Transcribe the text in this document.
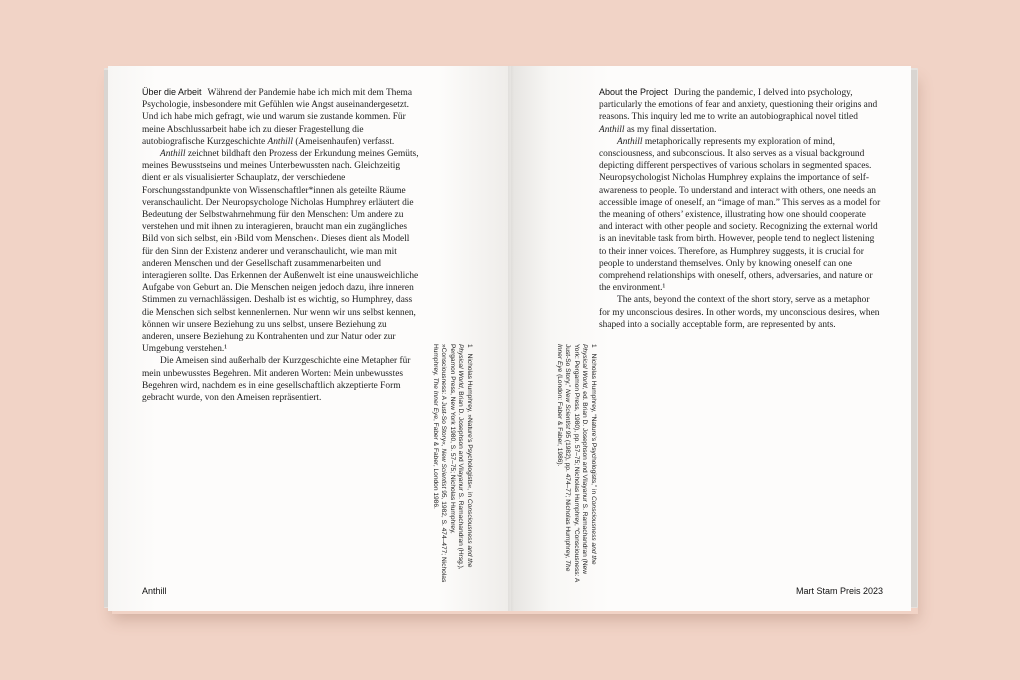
Über die Arbeit Während der Pandemie habe ich mich mit dem Thema Psychologie, insbesondere mit Gefühlen wie Angst auseinandergesetzt. Und ich habe mich gefragt, wie und warum sie zustande kommen. Für meine Abschlussarbeit habe ich zu dieser Fragestellung die autobiografische Kurzgeschichte Anthill (Ameisenhaufen) verfasst.

Anthill zeichnet bildhaft den Prozess der Erkundung meines Gemüts, meines Bewusstseins und meines Unterbewussten nach. Gleichzeitig dient er als visualisierter Schauplatz, der verschiedene Forschungsstandpunkte von Wissenschaftler*innen als geteilte Räume veranschaulicht. Der Neuropsychologe Nicholas Humphrey erläutert die Bedeutung der Selbstwahrnehmung für den Menschen: Um andere zu verstehen und mit ihnen zu interagieren, braucht man ein zugängliches Bild von sich selbst, ein ›Bild vom Menschen‹. Dieses dient als Modell für den Sinn der Existenz anderer und veranschaulicht, wie man mit anderen Menschen und der Gesellschaft zusammenarbeiten und interagieren sollte. Das Erkennen der Außenwelt ist eine unausweichliche Aufgabe von Geburt an. Die Menschen neigen jedoch dazu, ihre inneren Stimmen zu vernachlässigen. Deshalb ist es wichtig, so Humphrey, dass die Menschen sich selbst kennenlernen. Nur wenn wir uns selbst kennen, können wir unsere Beziehung zu uns selbst, unsere Beziehung zu anderen, unsere Beziehung zu Kontrahenten und zur Natur oder zur Umgebung verstehen.¹

Die Ameisen sind außerhalb der Kurzgeschichte eine Metapher für mein unbewusstes Begehren. Mit anderen Worten: Mein unbewusstes Begehren wird, nachdem es in eine gesellschaftlich akzeptierte Form gebracht wurde, von den Ameisen repräsentiert.

1Nicholas Humphrey, »Nature’s Psychologists«, in Consciousness and the Physical World, Brian D. Josephson and Vilayanur S. Ramachandran (Hrsg.), Pergamon Press, New York 1980, S. 57–75; Nicholas Humphrey, »Consciousness: A Just-So Story«, New Scientist 95, 1982, S. 474–477; Nicholas Humphrey, The Inner Eye, Faber & Faber, London 1986.
Anthill
1Nicholas Humphrey, “Nature’s Psychologists,” in Consciousness and the Physical World, ed. Brian D. Josephson and Vilayanur S. Ramachandran (New York: Pergamon Press, 1980), pp. 57–75; Nicholas Humphrey, “Consciousness: A Just-So Story,” New Scientist 95 (1982), pp. 474–77; Nicholas Humphrey, The Inner Eye (London: Faber & Faber, 1986).

About the Project During the pandemic, I delved into psychology, particularly the emotions of fear and anxiety, questioning their origins and reasons. This inquiry led me to write an autobiographical novel titled Anthill as my final dissertation.

Anthill metaphorically represents my exploration of mind, consciousness, and subconscious. It also serves as a visual background depicting different perspectives of various scholars in segmented spaces. Neuropsychologist Nicholas Humphrey explains the importance of self-awareness to people. To understand and interact with others, one needs an accessible image of oneself, an “image of man.” This serves as a model for the meaning of others’ existence, illustrating how one should cooperate and interact with other people and society. Recognizing the external world is an inevitable task from birth. However, people tend to neglect listening to their inner voices. Therefore, as Humphrey suggests, it is crucial for people to understand themselves. Only by knowing oneself can one comprehend relationships with oneself, others, adversaries, and nature or the environment.¹

The ants, beyond the context of the short story, serve as a metaphor for my unconscious desires. In other words, my unconscious desires, when shaped into a socially acceptable form, are represented by ants.

Mart Stam Preis 2023
